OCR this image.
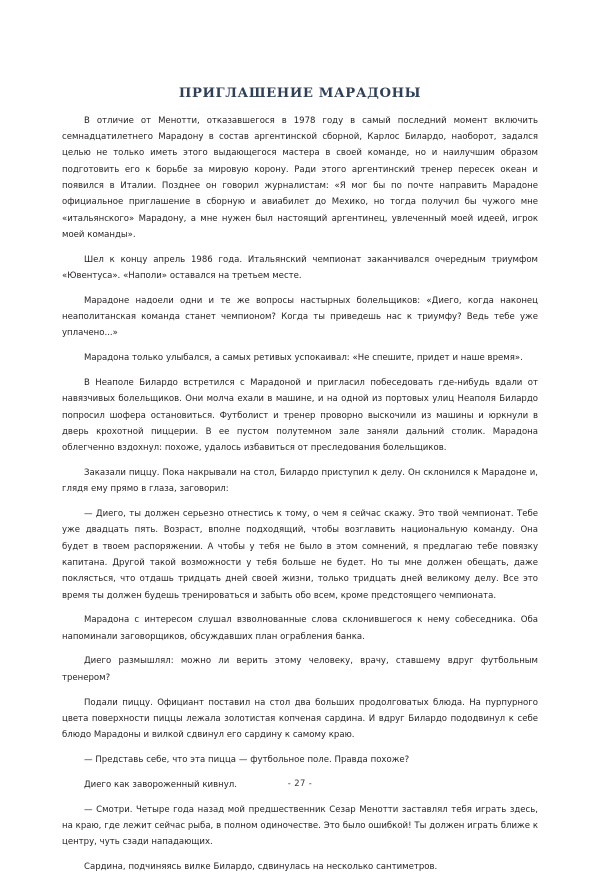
ПРИГЛАШЕНИЕ МАРАДОНЫ

В отличие от Менотти, отказавшегося в 1978 году в самый последний момент включить семнадцатилетнего Марадону в состав аргентинской сборной, Карлос Билардо, наоборот, задался целью не только иметь этого выдающегося мастера в своей команде, но и наилучшим образом подготовить его к борьбе за мировую корону. Ради этого аргентинский тренер пересек океан и появился в Италии. Позднее он говорил журналистам: «Я мог бы по почте направить Марадоне официальное приглашение в сборную и авиабилет до Мехико, но тогда получил бы чужого мне «итальянского» Марадону, а мне нужен был настоящий аргентинец, увлеченный моей идеей, игрок моей команды».

Шел к концу апрель 1986 года. Итальянский чемпионат заканчивался очередным триумфом «Ювентуса». «Наполи» оставался на третьем месте.

Марадоне надоели одни и те же вопросы настырных болельщиков: «Диего, когда наконец неаполитанская команда станет чемпионом? Когда ты приведешь нас к триумфу? Ведь тебе уже уплачено...»

Марадона только улыбался, а самых ретивых успокаивал: «Не спешите, придет и наше время».

В Неаполе Билардо встретился с Марадоной и пригласил побеседовать где-нибудь вдали от навязчивых болельщиков. Они молча ехали в машине, и на одной из портовых улиц Неаполя Билардо попросил шофера остановиться. Футболист и тренер проворно выскочили из машины и юркнули в дверь крохотной пиццерии. В ее пустом полутемном зале заняли дальний столик. Марадона облегченно вздохнул: похоже, удалось избавиться от преследования болельщиков.

Заказали пиццу. Пока накрывали на стол, Билардо приступил к делу. Он склонился к Марадоне и, глядя ему прямо в глаза, заговорил:

— Диего, ты должен серьезно отнестись к тому, о чем я сейчас скажу. Это твой чемпионат. Тебе уже двадцать пять. Возраст, вполне подходящий, чтобы возглавить национальную команду. Она будет в твоем распоряжении. А чтобы у тебя не было в этом сомнений, я предлагаю тебе повязку капитана. Другой такой возможности у тебя больше не будет. Но ты мне должен обещать, даже поклясться, что отдашь тридцать дней своей жизни, только тридцать дней великому делу. Все это время ты должен будешь тренироваться и забыть обо всем, кроме предстоящего чемпионата.

Марадона с интересом слушал взволнованные слова склонившегося к нему собеседника. Оба напоминали заговорщиков, обсуждавших план ограбления банка.

Диего размышлял: можно ли верить этому человеку, врачу, ставшему вдруг футбольным тренером?

Подали пиццу. Официант поставил на стол два больших продолговатых блюда. На пурпурного цвета поверхности пиццы лежала золотистая копченая сардина. И вдруг Билардо пододвинул к себе блюдо Марадоны и вилкой сдвинул его сардину к самому краю.

— Представь себе, что эта пицца — футбольное поле. Правда похоже?

Диего как завороженный кивнул.

— Смотри. Четыре года назад мой предшественник Сезар Менотти заставлял тебя играть здесь, на краю, где лежит сейчас рыба, в полном одиночестве. Это было ошибкой! Ты должен играть ближе к центру, чуть сзади нападающих.

Сардина, подчиняясь вилке Билардо, сдвинулась на несколько сантиметров.

- 27 -
